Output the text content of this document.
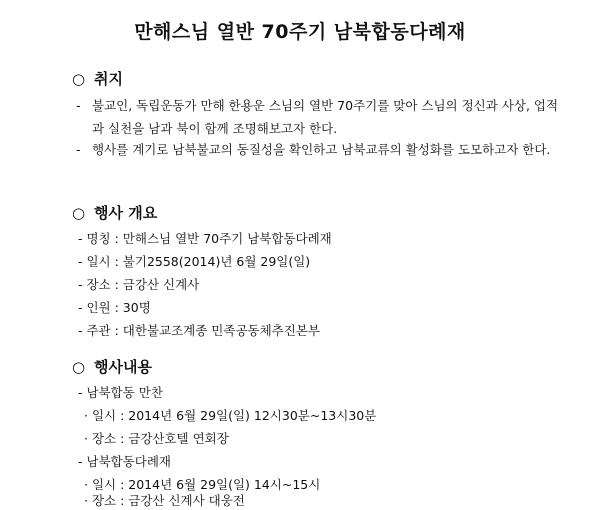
만해스님 열반 70주기 남북합동다례재
○ 취지
- 불교인, 독립운동가 만해 한용운 스님의 열반 70주기를 맞아 스님의 정신과 사상, 업적과 실천을 남과 북이 함께 조명해보고자 한다.
- 행사를 계기로 남북불교의 동질성을 확인하고 남북교류의 활성화를 도모하고자 한다.
○ 행사 개요
- 명칭 : 만해스님 열반 70주기 남북합동다례재
- 일시 : 불기2558(2014)년 6월 29일(일)
- 장소 : 금강산 신계사
- 인원 : 30명
- 주관 : 대한불교조계종 민족공동체추진본부
○ 행사내용
- 남북합동 만찬
· 일시 : 2014년 6월 29일(일) 12시30분~13시30분
· 장소 : 금강산호텔 연회장
- 남북합동다례재
· 일시 : 2014년 6월 29일(일) 14시~15시
· 장소 : 금강산 신계사 대웅전
